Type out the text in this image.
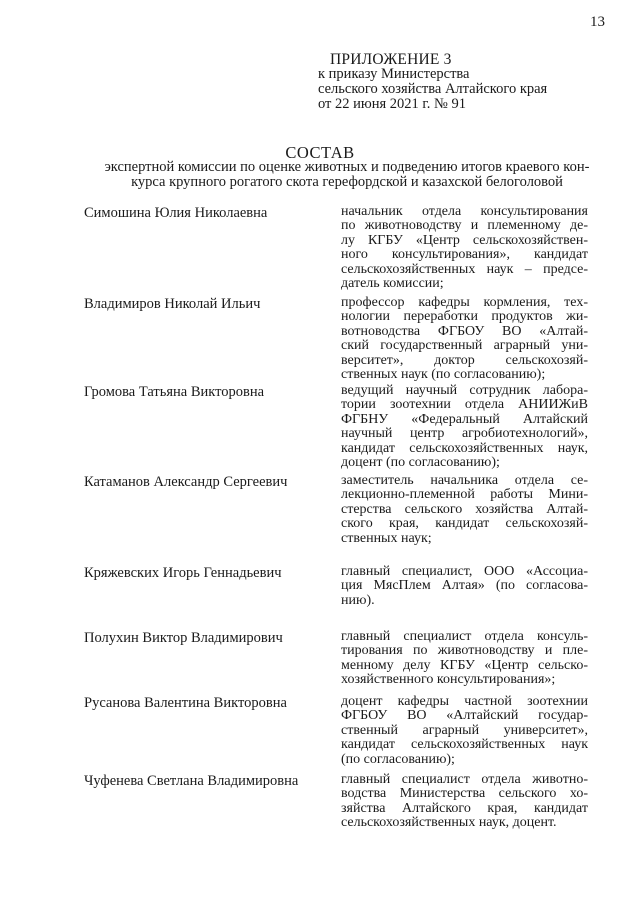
13
ПРИЛОЖЕНИЕ 3
к приказу Министерства
сельского хозяйства Алтайского края
от 22 июня 2021 г. № 91
СОСТАВ
экспертной комиссии по оценке животных и подведению итогов краевого кон-
курса крупного рогатого скота герефордской и казахской белоголовой
Симошина Юлия Николаевна	начальник отдела консультирования
по животноводству и племенному де-
лу КГБУ «Центр сельскохозяйствен-
ного консультирования», кандидат
сельскохозяйственных наук – предсе-
датель комиссии;
Владимиров Николай Ильич	профессор кафедры кормления, тех-
нологии переработки продуктов жи-
вотноводства ФГБОУ ВО «Алтай-
ский государственный аграрный уни-
верситет», доктор сельскохозяй-
ственных наук (по согласованию);
Громова Татьяна Викторовна	ведущий научный сотрудник лабора-
тории зоотехнии отдела АНИИЖиВ
ФГБНУ «Федеральный Алтайский
научный центр агробиотехнологий»,
кандидат сельскохозяйственных наук,
доцент (по согласованию);
Катаманов Александр Сергеевич	заместитель начальника отдела се-
лекционно-племенной работы Мини-
стерства сельского хозяйства Алтай-
ского края, кандидат сельскохозяй-
ственных наук;
Кряжевских Игорь Геннадьевич	главный специалист, ООО «Ассоциа-
ция МясПлем Алтая» (по согласова-
нию).
Полухин Виктор Владимирович	главный специалист отдела консуль-
тирования по животноводству и пле-
менному делу КГБУ «Центр сельско-
хозяйственного консультирования»;
Русанова Валентина Викторовна	доцент кафедры частной зоотехнии
ФГБОУ ВО «Алтайский государ-
ственный аграрный университет»,
кандидат сельскохозяйственных наук
(по согласованию);
Чуфенева Светлана Владимировна	главный специалист отдела животно-
водства Министерства сельского хо-
зяйства Алтайского края, кандидат
сельскохозяйственных наук, доцент.
